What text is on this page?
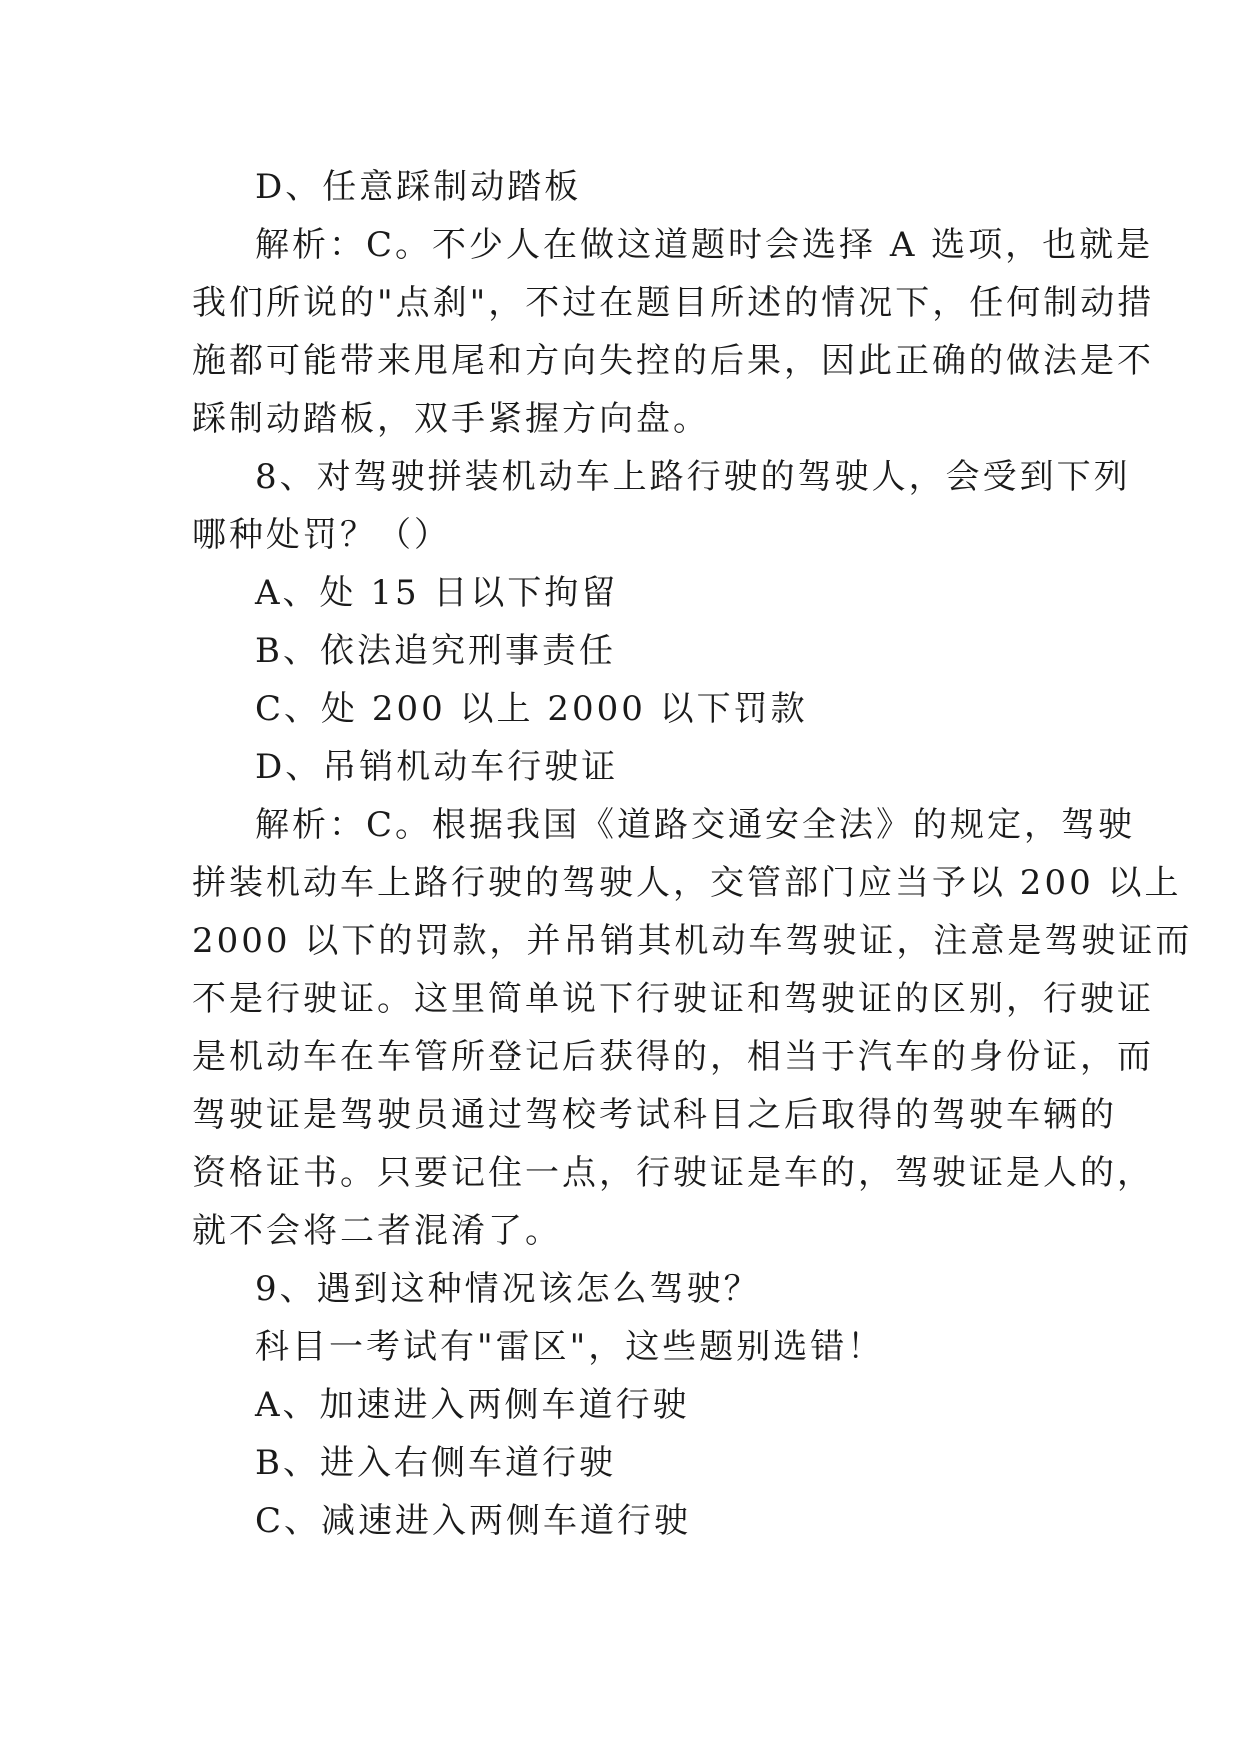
D、任意踩制动踏板
解析：C。不少人在做这道题时会选择 A 选项，也就是
我们所说的"点刹"，不过在题目所述的情况下，任何制动措
施都可能带来甩尾和方向失控的后果，因此正确的做法是不
踩制动踏板，双手紧握方向盘。
8、对驾驶拼装机动车上路行驶的驾驶人，会受到下列
哪种处罚？（）
A、处 15 日以下拘留
B、依法追究刑事责任
C、处 200 以上 2000 以下罚款
D、吊销机动车行驶证
解析：C。根据我国《道路交通安全法》的规定，驾驶
拼装机动车上路行驶的驾驶人，交管部门应当予以 200 以上
2000 以下的罚款，并吊销其机动车驾驶证，注意是驾驶证而
不是行驶证。这里简单说下行驶证和驾驶证的区别，行驶证
是机动车在车管所登记后获得的，相当于汽车的身份证，而
驾驶证是驾驶员通过驾校考试科目之后取得的驾驶车辆的
资格证书。只要记住一点，行驶证是车的，驾驶证是人的，
就不会将二者混淆了。
9、遇到这种情况该怎么驾驶？
科目一考试有"雷区"，这些题别选错！
A、加速进入两侧车道行驶
B、进入右侧车道行驶
C、减速进入两侧车道行驶
